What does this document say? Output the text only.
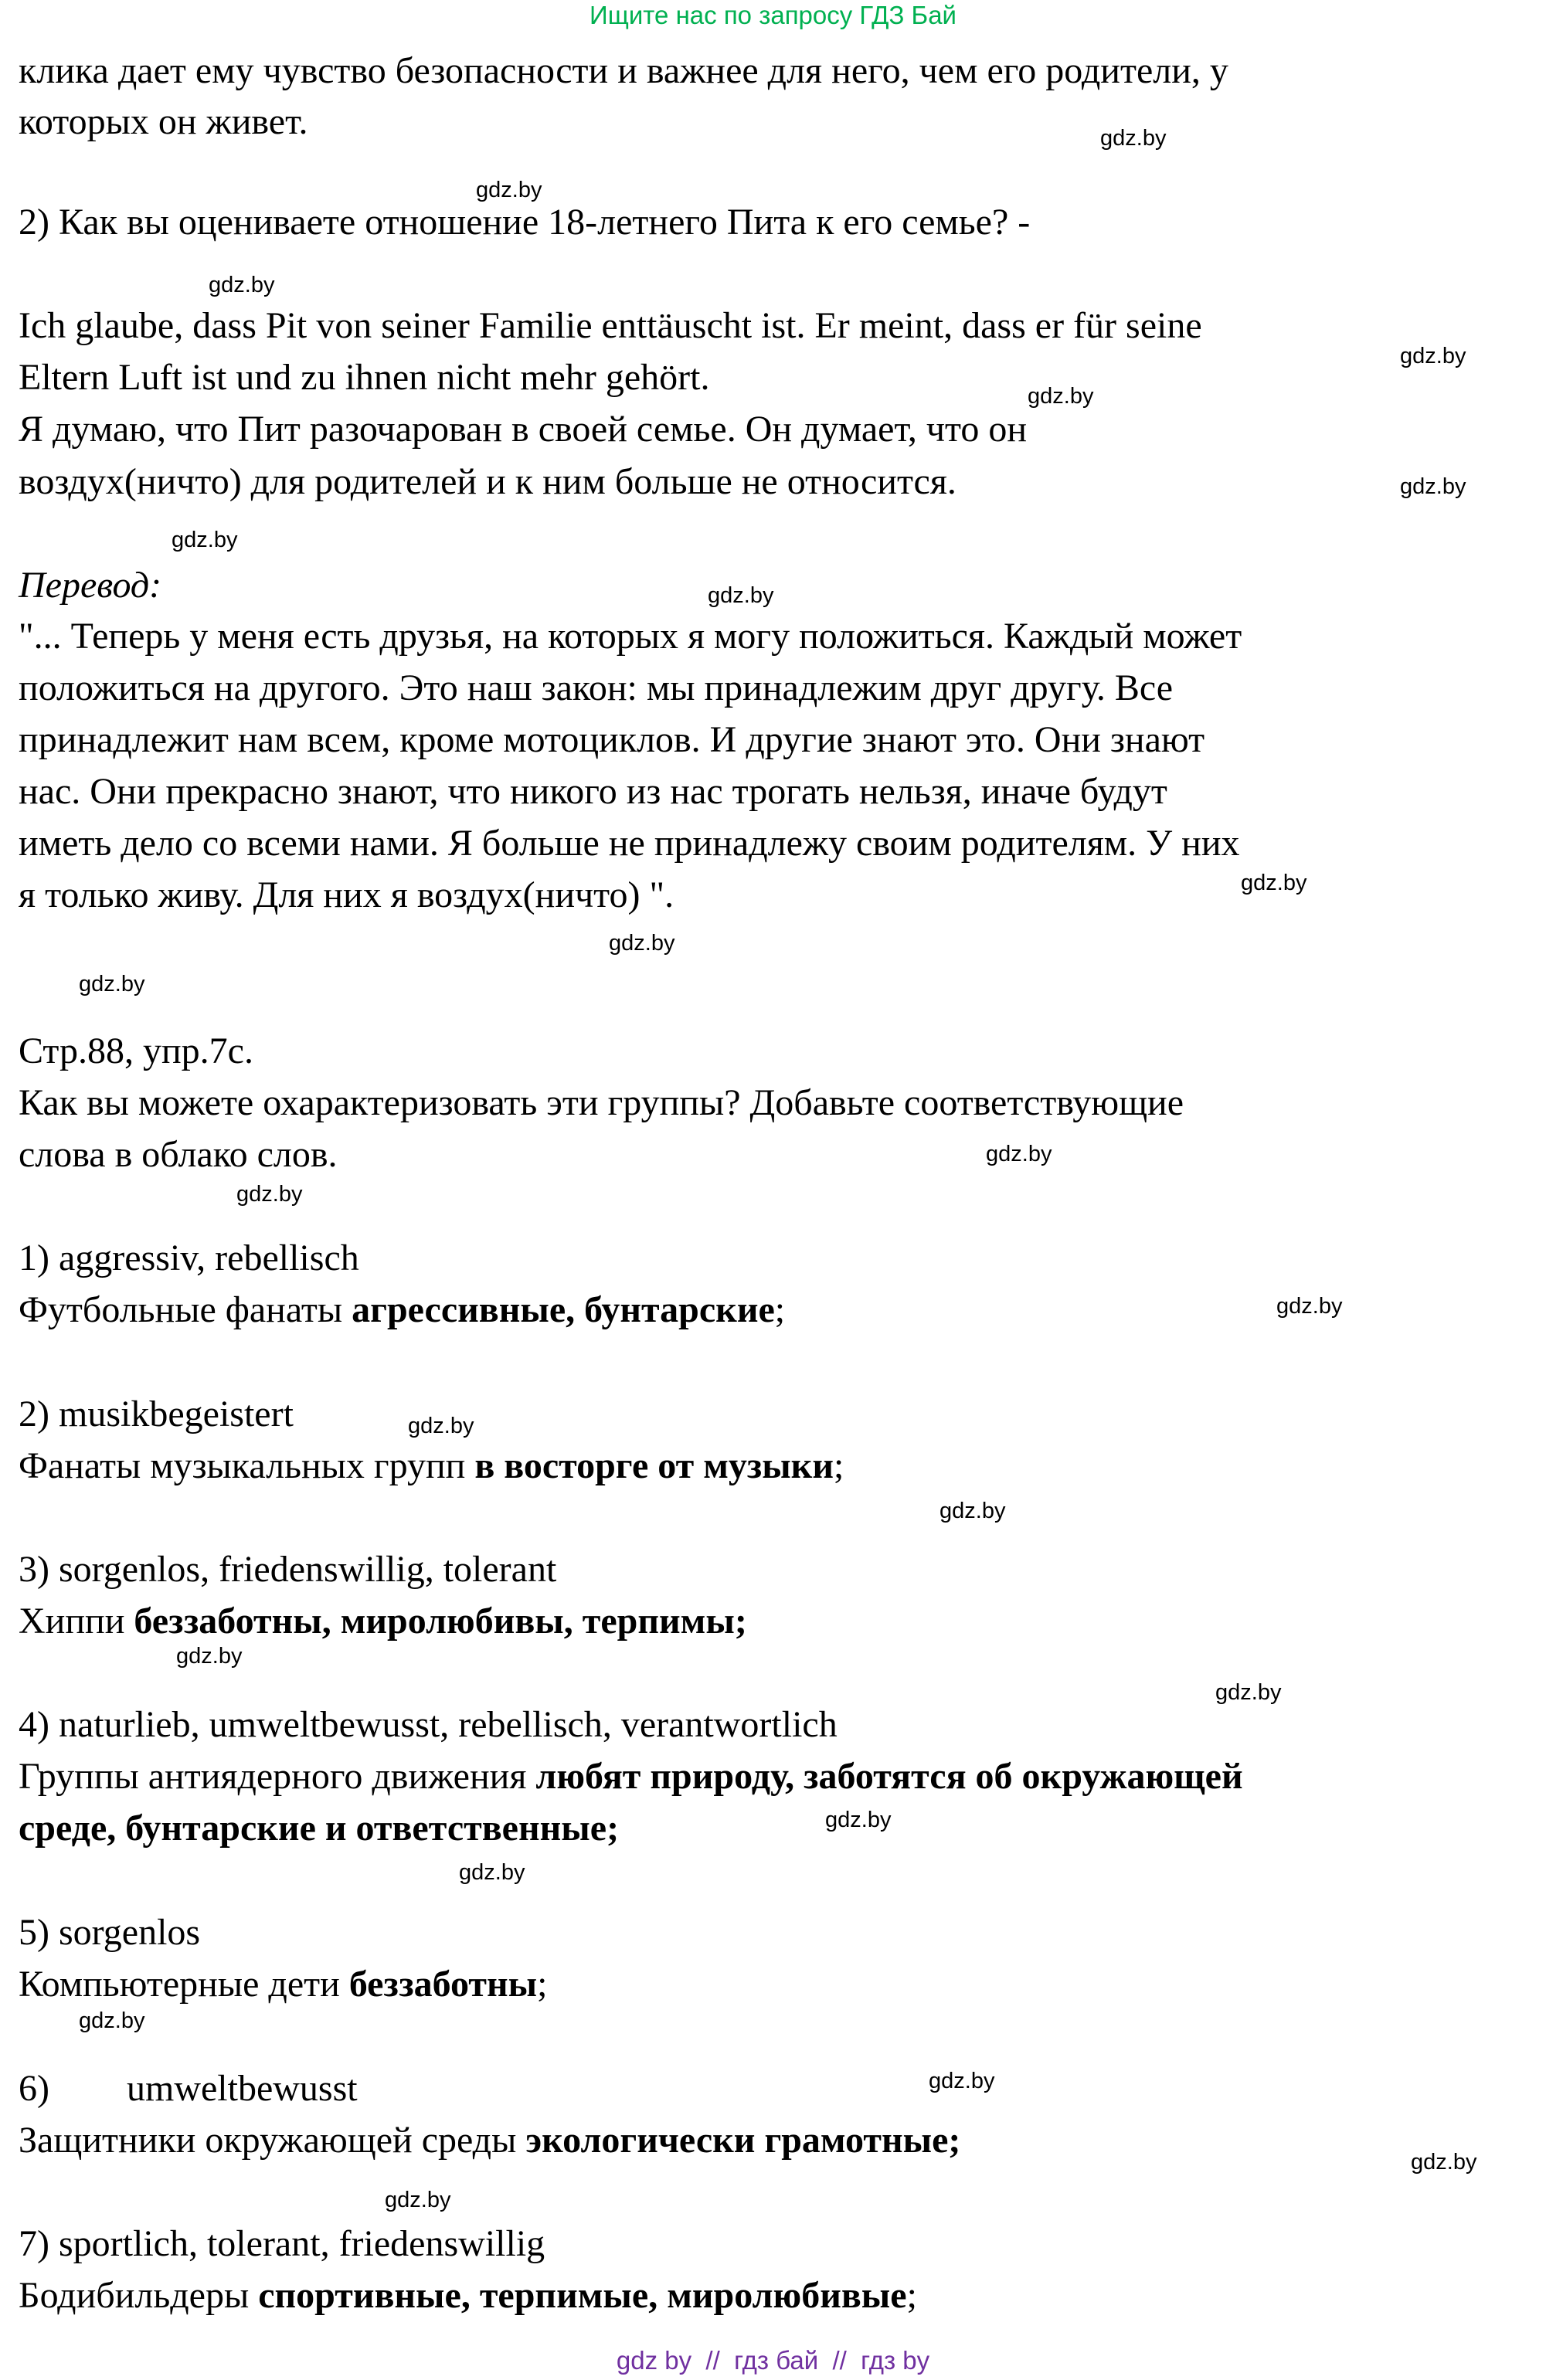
Ищите нас по запросу ГДЗ Бай
клика дает ему чувство безопасности и важнее для него, чем его родители, у
которых он живет.
2) Как вы оцениваете отношение 18-летнего Пита к его семье? -
Ich glaube, dass Pit von seiner Familie enttäuscht ist. Er meint, dass er für seine
Eltern Luft ist und zu ihnen nicht mehr gehört.
Я думаю, что Пит разочарован в своей семье. Он думает, что он
воздух(ничто) для родителей и к ним больше не относится.
Перевод:
"... Теперь у меня есть друзья, на которых я могу положиться. Каждый может
положиться на другого. Это наш закон: мы принадлежим друг другу. Все
принадлежит нам всем, кроме мотоциклов. И другие знают это. Они знают
нас. Они прекрасно знают, что никого из нас трогать нельзя, иначе будут
иметь дело со всеми нами. Я больше не принадлежу своим родителям. У них
я только живу. Для них я воздух(ничто) ".
Стр.88, упр.7с.
Как вы можете охарактеризовать эти группы? Добавьте соответствующие
слова в облако слов.
1) aggressiv, rebellisch
Футбольные фанаты агрессивные, бунтарские;
2) musikbegeistert
Фанаты музыкальных групп в восторге от музыки;
3) sorgenlos, friedenswillig, tolerant
Хиппи беззаботны, миролюбивы, терпимы;
4) naturlieb, umweltbewusst, rebellisch, verantwortlich
Группы антиядерного движения любят природу, заботятся об окружающей
среде, бунтарские и ответственные;
5) sorgenlos
Компьютерные дети беззаботны;
6) umweltbewusst
Защитники окружающей среды экологически грамотные;
7) sportlich, tolerant, friedenswillig
Бодибильдеры спортивные, терпимые, миролюбивые;
gdz.by
gdz.by
gdz.by
gdz.by
gdz.by
gdz.by
gdz.by
gdz.by
gdz.by
gdz.by
gdz.by
gdz.by
gdz.by
gdz.by
gdz.by
gdz.by
gdz.by
gdz.by
gdz.by
gdz.by
gdz.by
gdz.by
gdz.by
gdz.by
gdz by  //  гдз бай  //  гдз by
